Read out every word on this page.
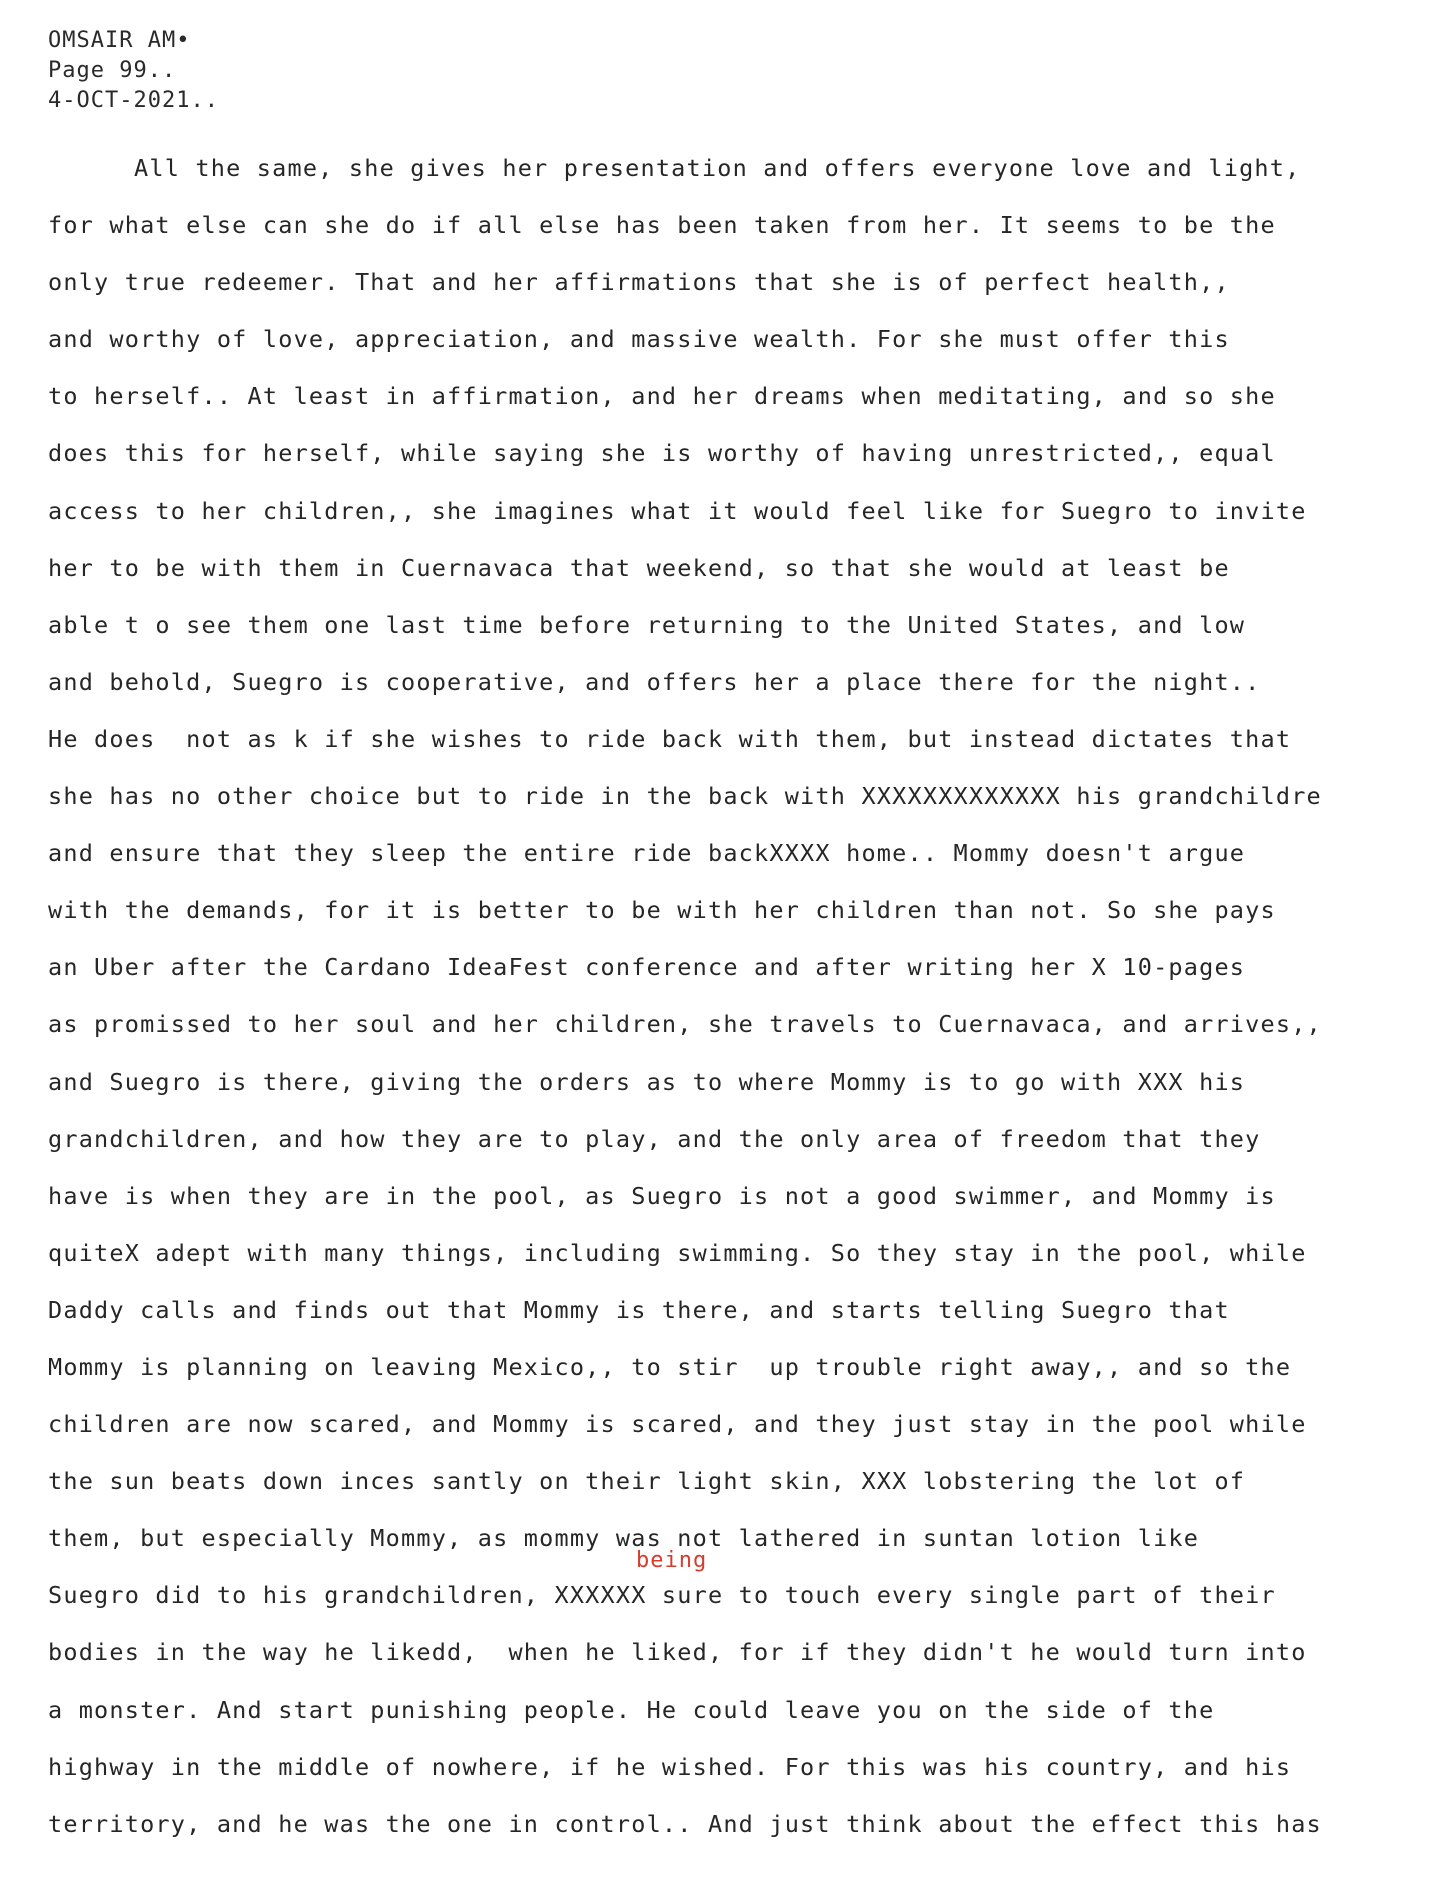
OMSAIR AM•
Page 99..
4-OCT-2021..
All the same, she gives her presentation and offers everyone love and light,
for what else can she do if all else has been taken from her. It seems to be the
only true redeemer. That and her affirmations that she is of perfect health,,
and worthy of love, appreciation, and massive wealth. For she must offer this
to herself.. At least in affirmation, and her dreams when meditating, and so she
does this for herself, while saying she is worthy of having unrestricted,, equal
access to her children,, she imagines what it would feel like for Suegro to invite
her to be with them in Cuernavaca that weekend, so that she would at least be
able t o see them one last time before returning to the United States, and low
and behold, Suegro is cooperative, and offers her a place there for the night..
He does  not as k if she wishes to ride back with them, but instead dictates that
she has no other choice but to ride in the back with XXXXXXXXXXXXX his grandchildre
and ensure that they sleep the entire ride backXXXX home.. Mommy doesn't argue
with the demands, for it is better to be with her children than not. So she pays
an Uber after the Cardano IdeaFest conference and after writing her X 10-pages
as promissed to her soul and her children, she travels to Cuernavaca, and arrives,,
and Suegro is there, giving the orders as to where Mommy is to go with XXX his
grandchildren, and how they are to play, and the only area of freedom that they
have is when they are in the pool, as Suegro is not a good swimmer, and Mommy is
quiteX adept with many things, including swimming. So they stay in the pool, while
Daddy calls and finds out that Mommy is there, and starts telling Suegro that
Mommy is planning on leaving Mexico,, to stir  up trouble right away,, and so the
children are now scared, and Mommy is scared, and they just stay in the pool while
the sun beats down inces santly on their light skin, XXX lobstering the lot of
them, but especially Mommy, as mommy was not lathered in suntan lotion like
Suegro did to his grandchildren, XXXXXX sure to touch every single part of their
bodies in the way he likedd,  when he liked, for if they didn't he would turn into
a monster. And start punishing people. He could leave you on the side of the
highway in the middle of nowhere, if he wished. For this was his country, and his
territory, and he was the one in control.. And just think about the effect this has
being
